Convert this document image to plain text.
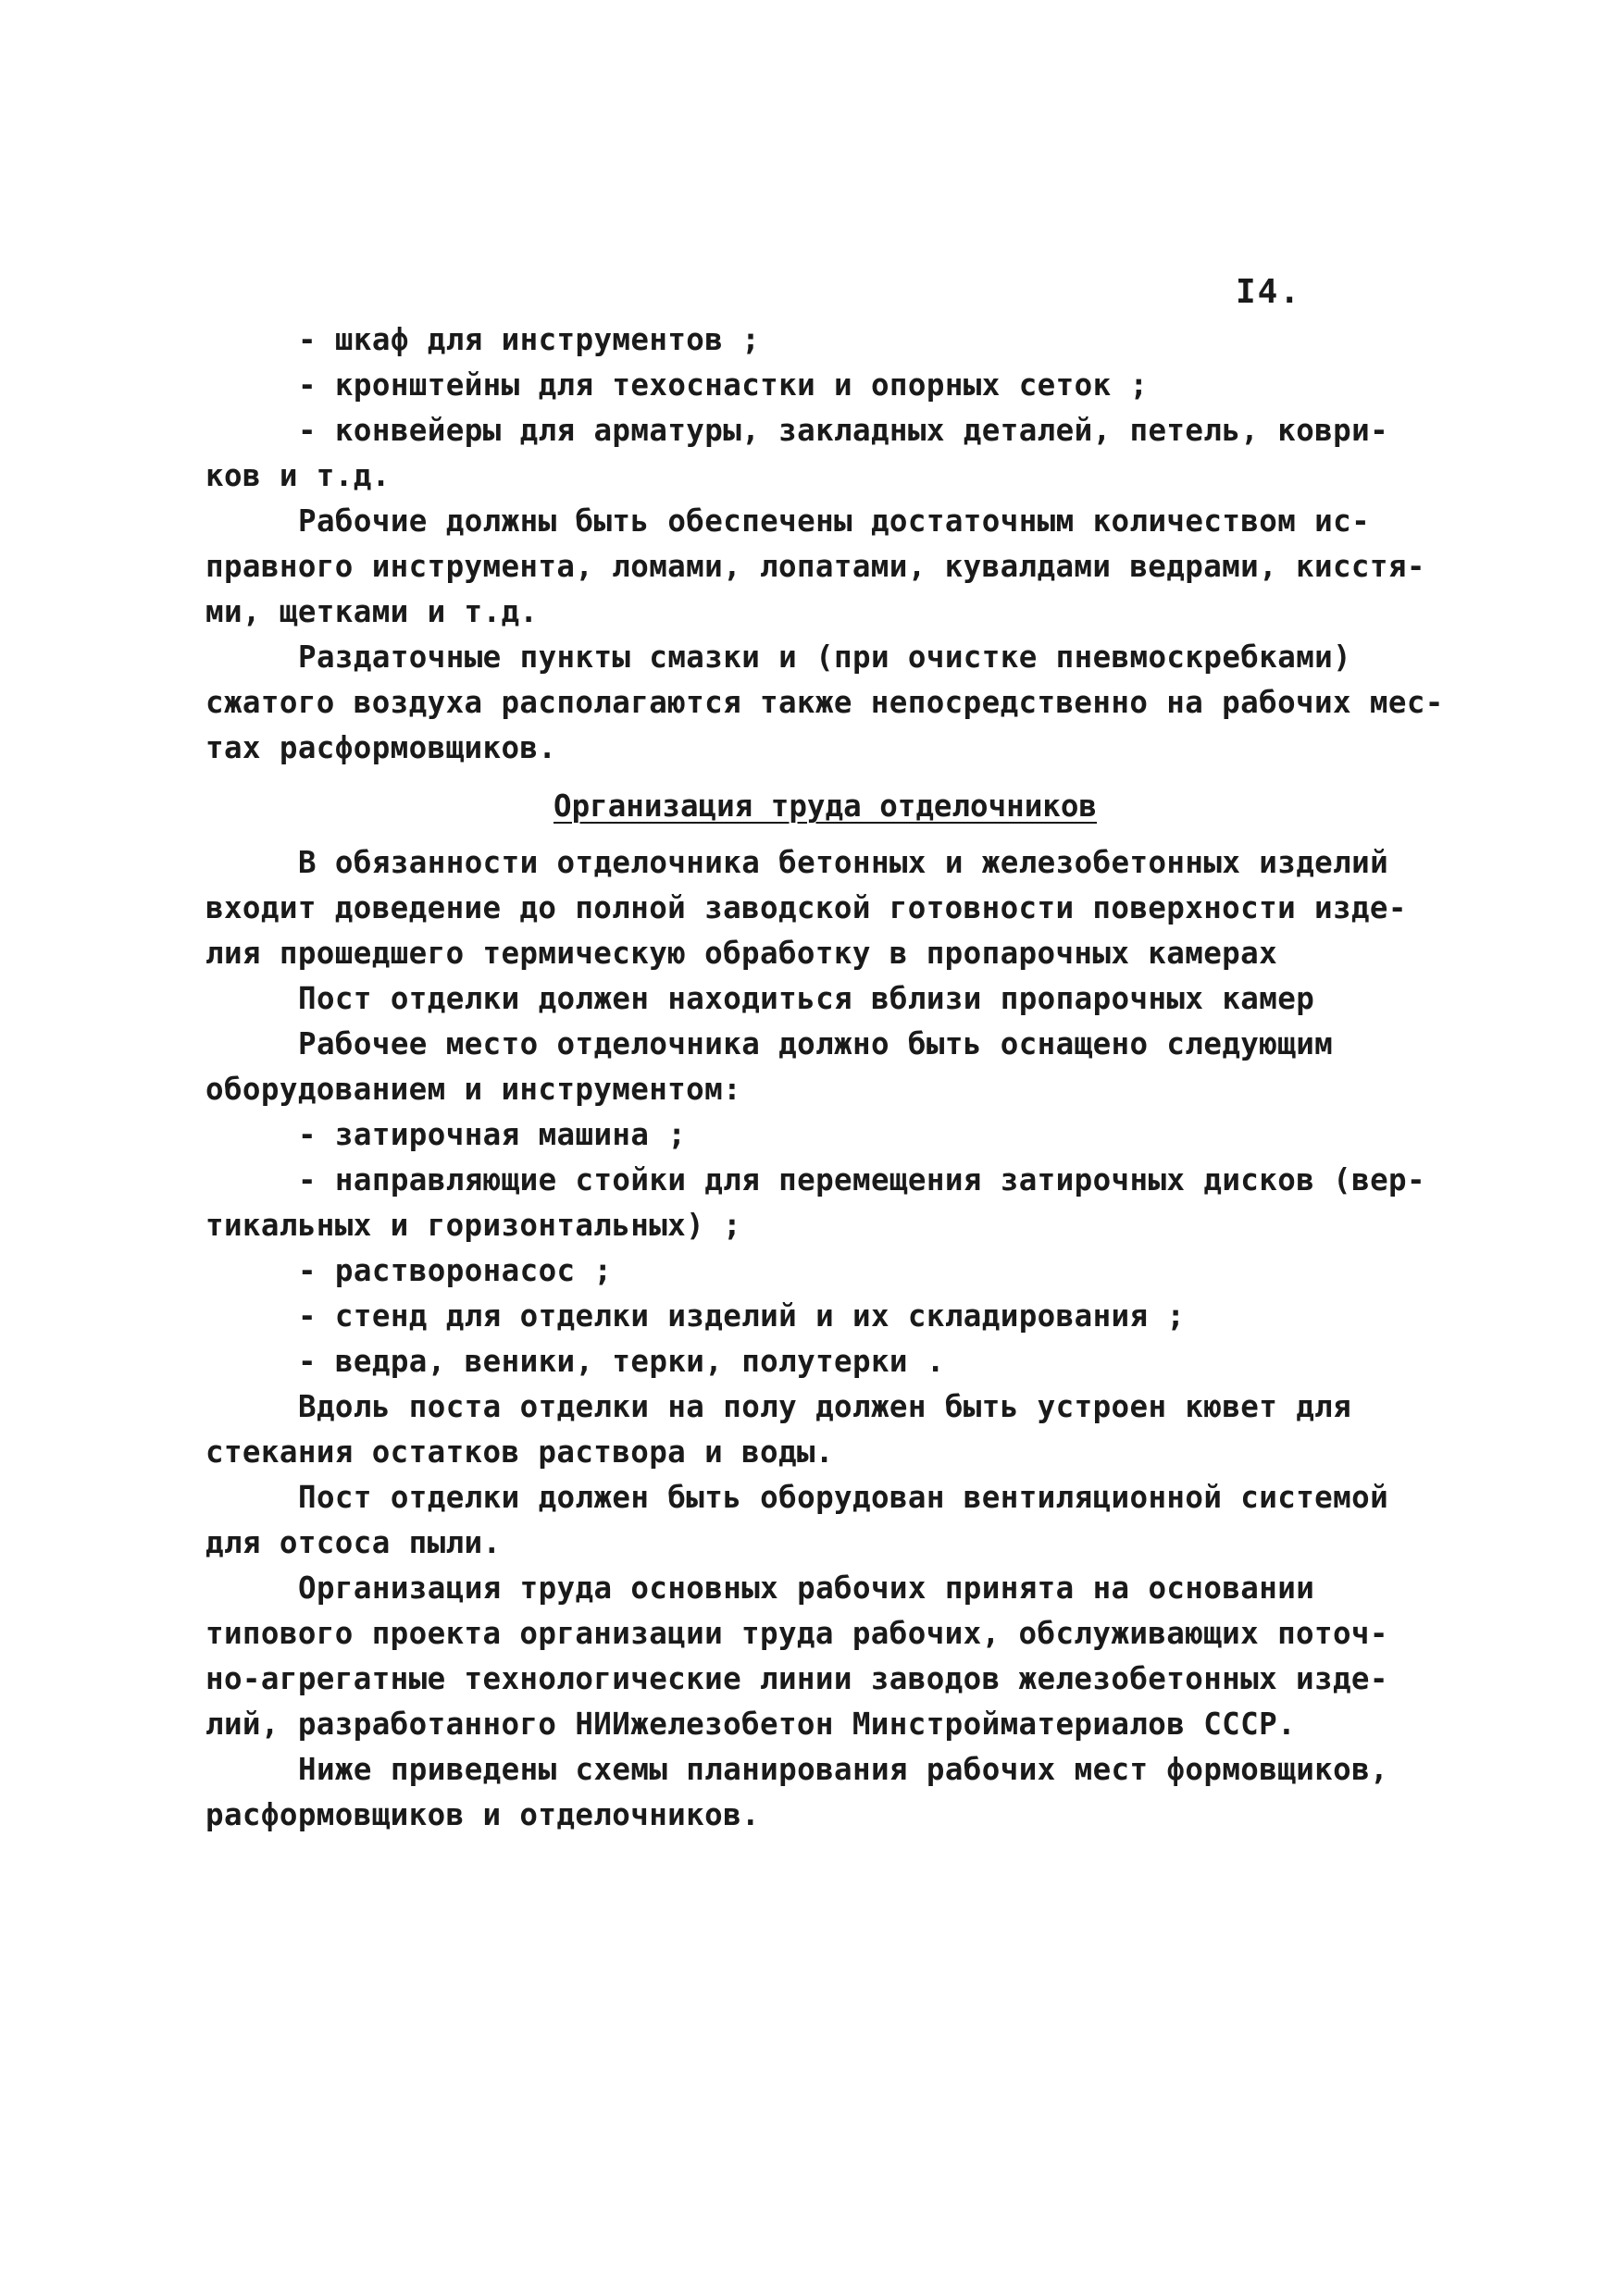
I4.
- шкаф для инструментов ;
- кронштейны для техоснастки и опорных сеток ;
- конвейеры для арматуры, закладных деталей, петель, коври-
ков и т.д.
Рабочие должны быть обеспечены достаточным количеством ис-
правного инструмента, ломами, лопатами, кувалдами ведрами, кисстя-
ми, щетками и т.д.
Раздаточные пункты смазки и (при очистке пневмоскребками)
сжатого воздуха располагаются также непосредственно на рабочих мес-
тах расформовщиков.
Организация труда отделочников
В обязанности отделочника бетонных и железобетонных изделий
входит доведение до полной заводской готовности поверхности изде-
лия прошедшего термическую обработку в пропарочных камерах
Пост отделки должен находиться вблизи пропарочных камер
Рабочее место отделочника должно быть оснащено следующим
оборудованием и инструментом:
- затирочная машина ;
- направляющие стойки для перемещения затирочных дисков (вер-
тикальных и горизонтальных) ;
- растворонасос ;
- стенд для отделки изделий и их складирования ;
- ведра, веники, терки, полутерки .
Вдоль поста отделки на полу должен быть устроен кювет для
стекания остатков раствора и воды.
Пост отделки должен быть оборудован вентиляционной системой
для отсоса пыли.
Организация труда основных рабочих принята на основании
типового проекта организации труда рабочих, обслуживающих поточ-
но-агрегатные технологические линии заводов железобетонных изде-
лий, разработанного НИИжелезобетон Минстройматериалов СССР.
Ниже приведены схемы планирования рабочих мест формовщиков,
расформовщиков и отделочников.
